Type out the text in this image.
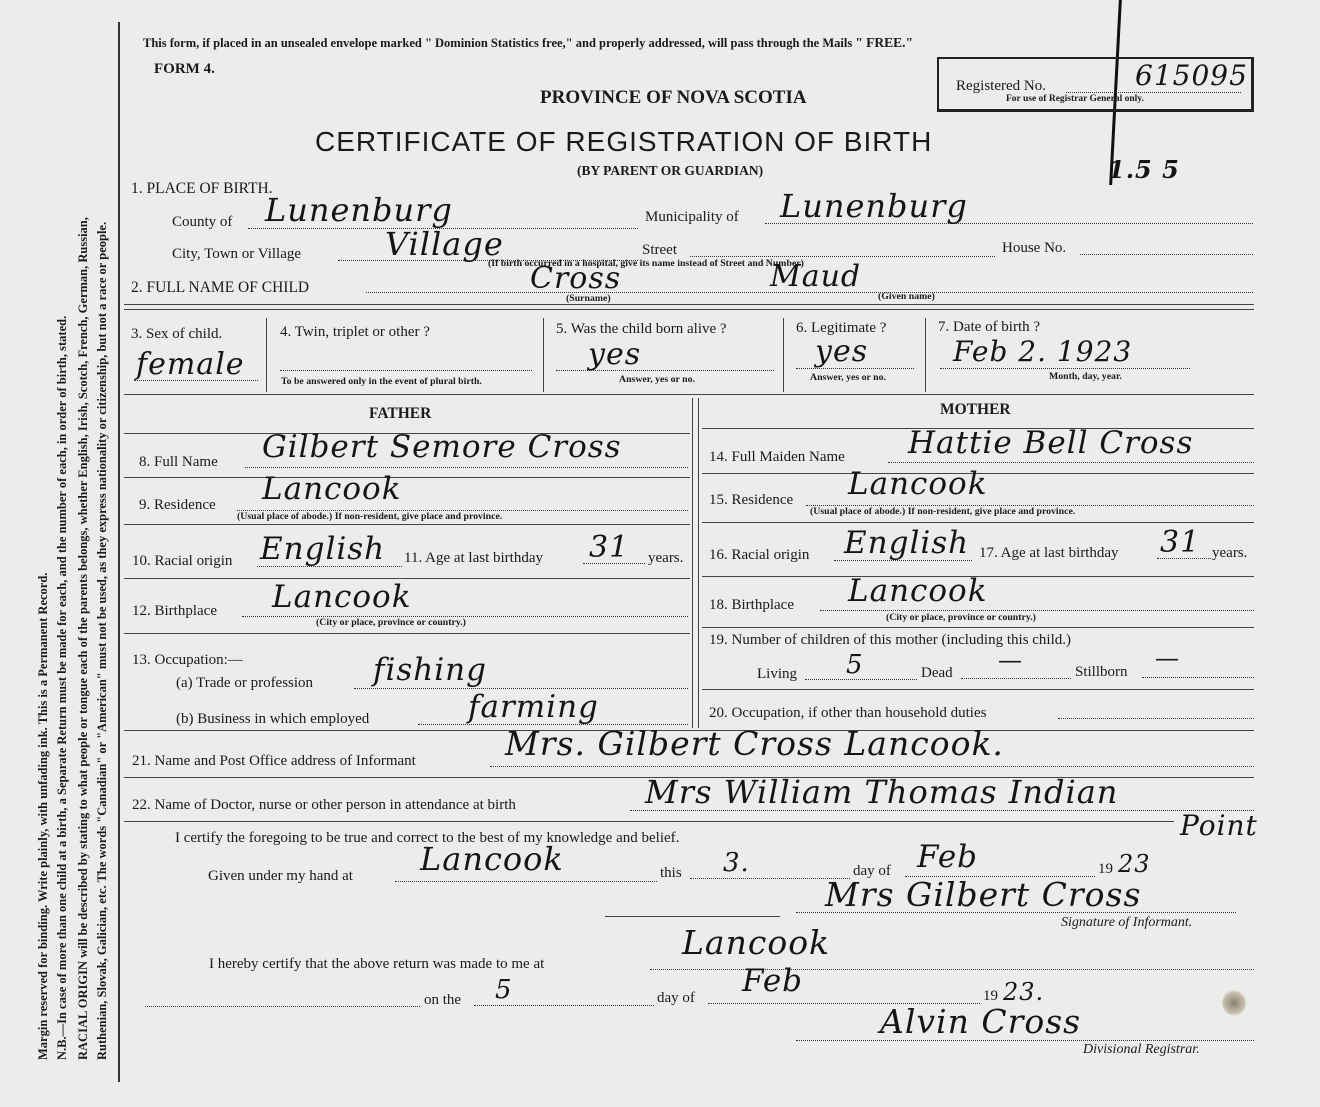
Margin reserved for binding. Write plainly, with unfading ink. This is a Permanent Record. N.B.—In case of more than one child at a birth, a Separate Return must be made for each, and the number of each, in order of birth, stated. RACIAL ORIGIN will be described by stating to what people or tongue each of the parents belongs, whether English, Irish, Scotch, French, German, Russian, Ruthenian, Slovak, Galician, etc. The words "Canadian" or "American" must not be used, as they express nationality or citizenship, but not a race or people.
This form, if placed in an unsealed envelope marked " Dominion Statistics free," and properly addressed, will pass through the Mails " FREE."
FORM 4.
Registered No.	615095
For use of Registrar General only.
PROVINCE OF NOVA SCOTIA
CERTIFICATE OF REGISTRATION OF BIRTH
(BY PARENT OR GUARDIAN)	1.5 5
1. PLACE OF BIRTH.
County of Lunenburg	Municipality of Lunenburg
City, Town or Village	Village	Street	House No.
(If birth occurred in a hospital, give its name instead of Street and Number)
2. FULL NAME OF CHILD	Cross
(Surname)
Maud
(Given name)
3. Sex of child.
female
4. Twin, triplet or other ?
To be answered only in the event of plural birth.
5. Was the child born alive ?
yes
Answer, yes or no.
6. Legitimate ?
yes
Answer, yes or no.
7. Date of birth ?
Feb 2. 1923
Month, day, year.
FATHER	MOTHER
8. Full Name Gilbert Semore Cross
9. Residence Lancook
(Usual place of abode.) If non-resident, give place and province.
10. Racial origin English 11. Age at last birthday 31 years.
12. Birthplace Lancook
(City or place, province or country.)
13. Occupation:—
(a) Trade or profession fishing
(b) Business in which employed	farming
14. Full Maiden Name Hattie Bell Cross
15. Residence Lancook
(Usual place of abode.) If non-resident, give place and province.
16. Racial origin English 17. Age at last birthday 31 years.
18. Birthplace Lancook
(City or place, province or country.)
19. Number of children of this mother (including this child.)
Living 5	Dead —	Stillborn —
20. Occupation, if other than household duties
21. Name and Post Office address of Informant	Mrs. Gilbert Cross Lancook.
22. Name of Doctor, nurse or other person in attendance at birth	Mrs William Thomas Indian
Point
I certify the foregoing to be true and correct to the best of my knowledge and belief.
Given under my hand at Lancook	this 3.	day of Feb	19 23
Mrs Gilbert Cross
Signature of Informant.
I hereby certify that the above return was made to me at
Lancook
on the 5	day of Feb	19 23.
Alvin Cross
Divisional Registrar.
